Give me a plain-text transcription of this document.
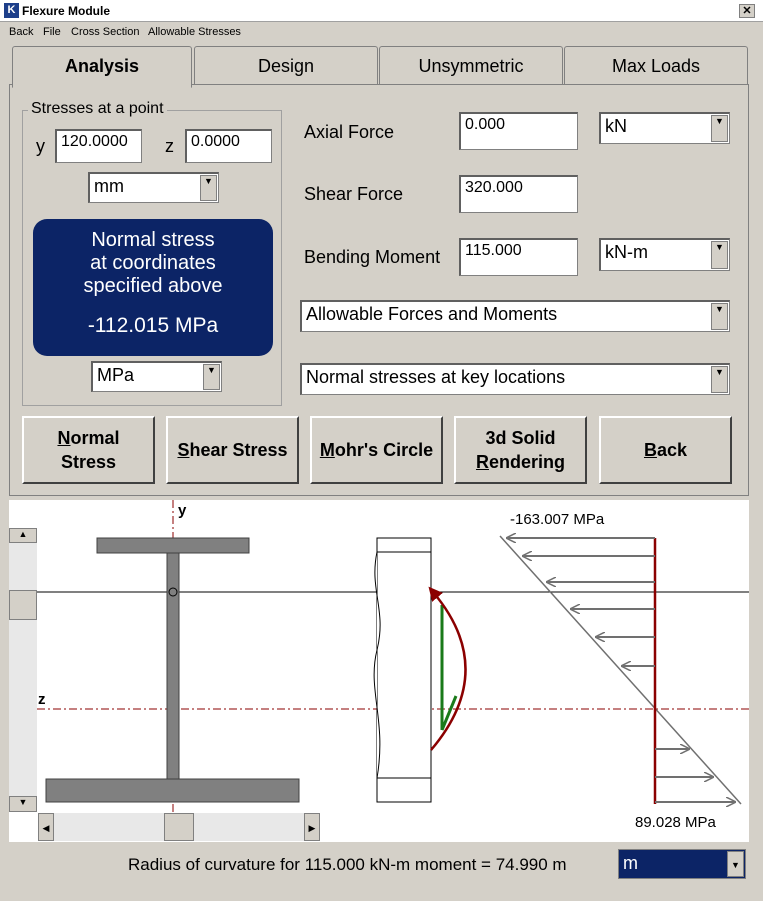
K Flexure Module	✕
Back File Cross Section Allowable Stresses
Analysis	Design	Unsymmetric	Max Loads
Stresses at a point
y	120.0000	z	0.0000
mm	▼
Normal stress
at coordinates
specified above
-112.015 MPa
MPa	▼
Axial Force	0.000	kN	▼
Shear Force	320.000
Bending Moment	115.000	kN-m	▼
Allowable Forces and Moments	▼
Normal stresses at key locations	▼
Normal
Stress
Shear Stress Mohr's Circle
3d Solid
Rendering
Back
y
z
-163.007 MPa
89.028 MPa
▲
▼
◀	▶
Radius of curvature for 115.000 kN-m moment = 74.990 m	m	▼
